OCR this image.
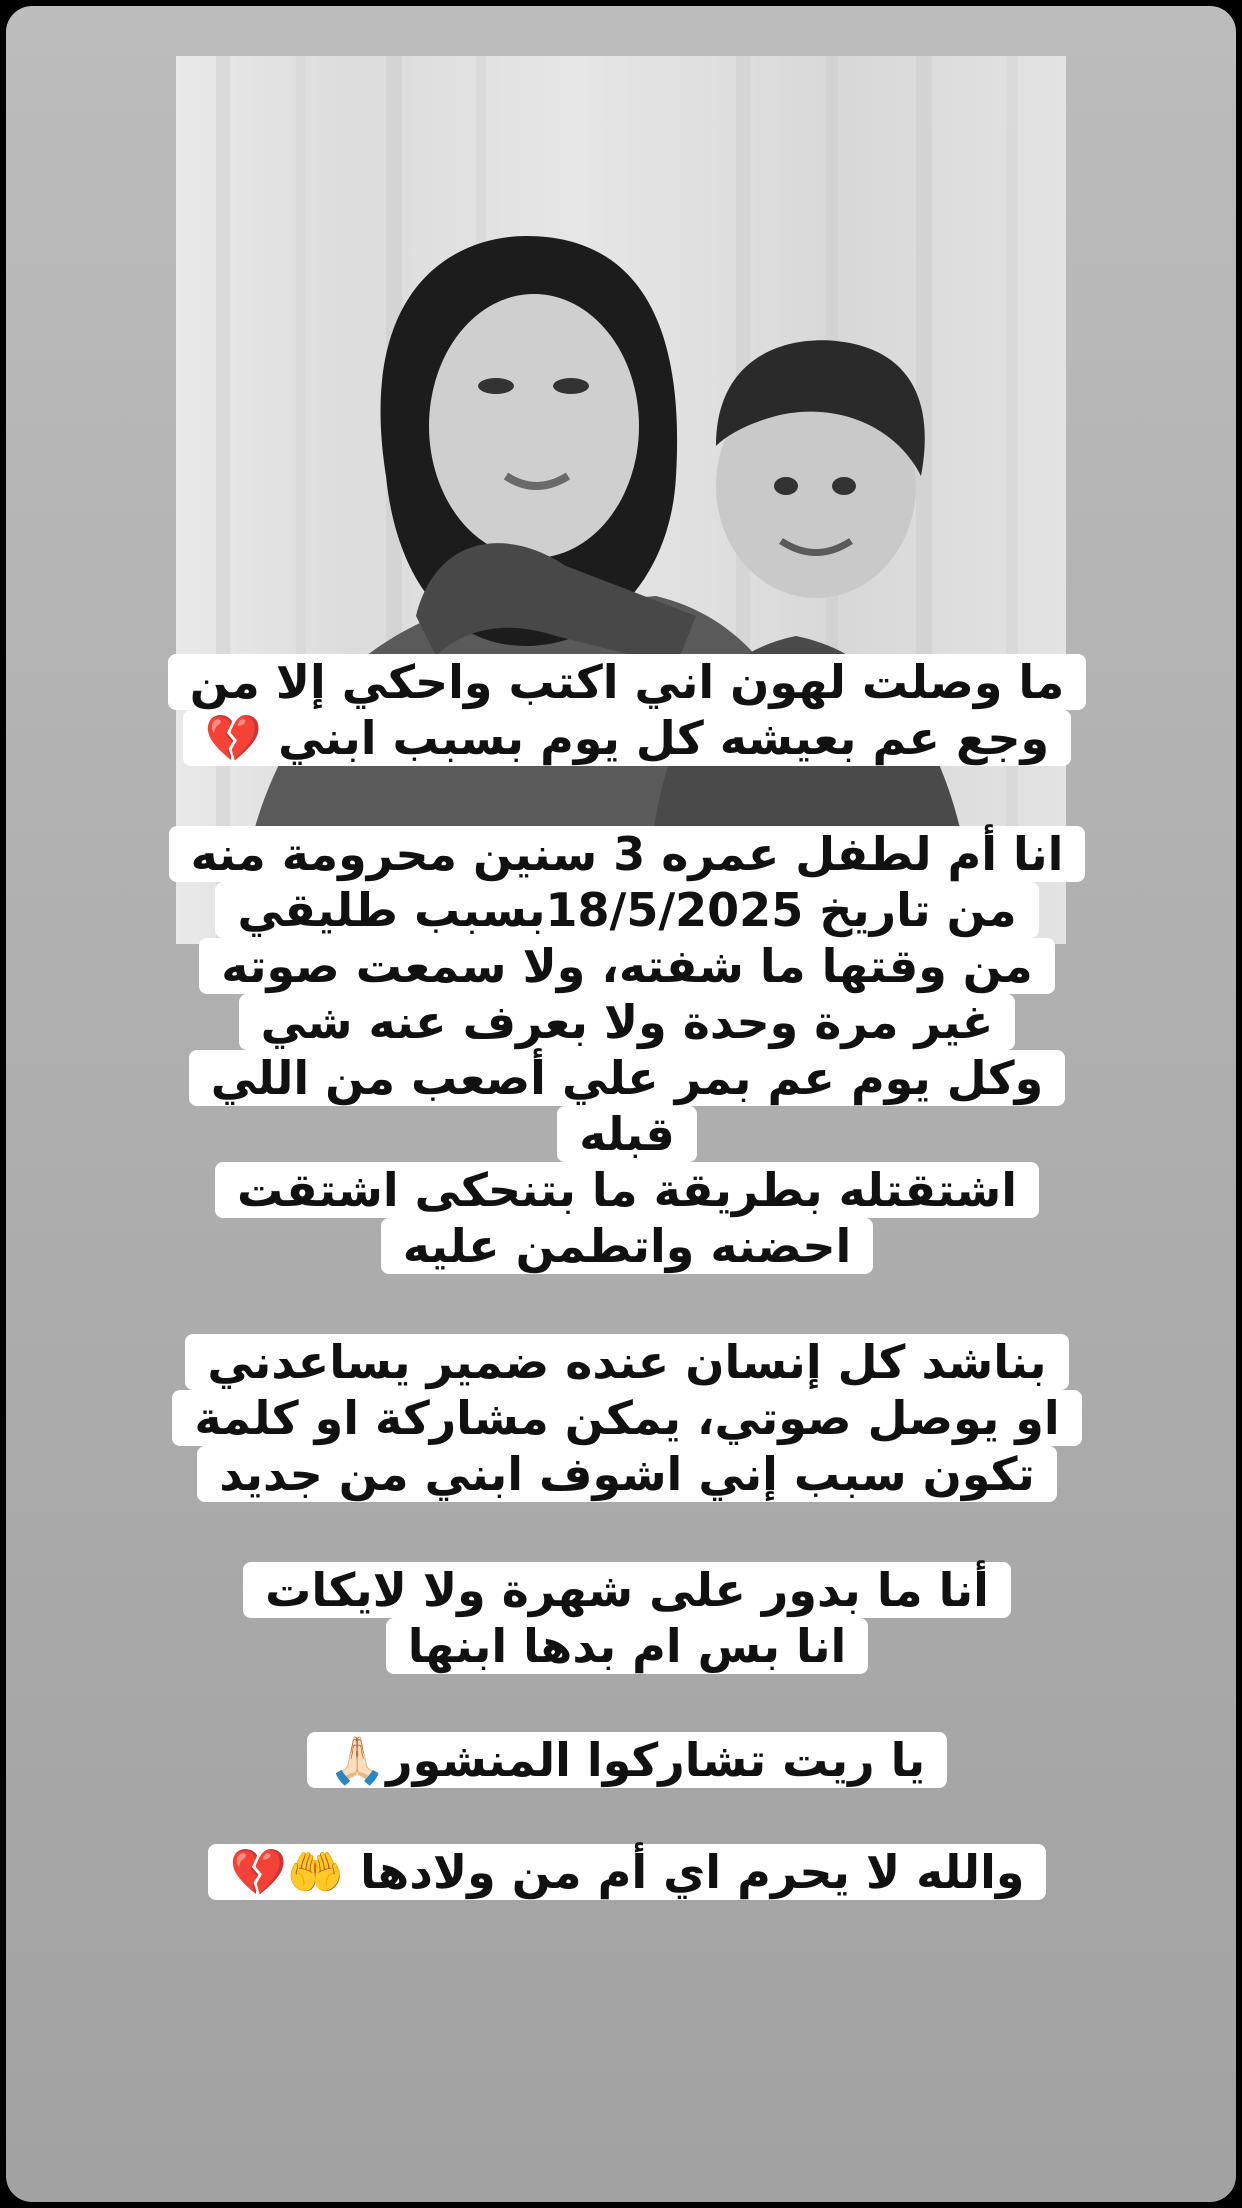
ما وصلت لهون اني اكتب واحكي إلا من
وجع عم بعيشه كل يوم بسبب ابني 💔
انا أم لطفل عمره 3 سنين محرومة منه
من تاريخ 18/5/2025بسبب طليقي
من وقتها ما شفته، ولا سمعت صوته
غير مرة وحدة ولا بعرف عنه شي
وكل يوم عم بمر علي أصعب من اللي
قبله
اشتقتله بطريقة ما بتنحكى اشتقت
احضنه واتطمن عليه
بناشد كل إنسان عنده ضمير يساعدني
او يوصل صوتي، يمكن مشاركة او كلمة
تكون سبب إني اشوف ابني من جديد
أنا ما بدور على شهرة ولا لايكات
انا بس ام بدها ابنها
يا ريت تشاركوا المنشور🙏🏻
والله لا يحرم اي أم من ولادها 🤲💔
